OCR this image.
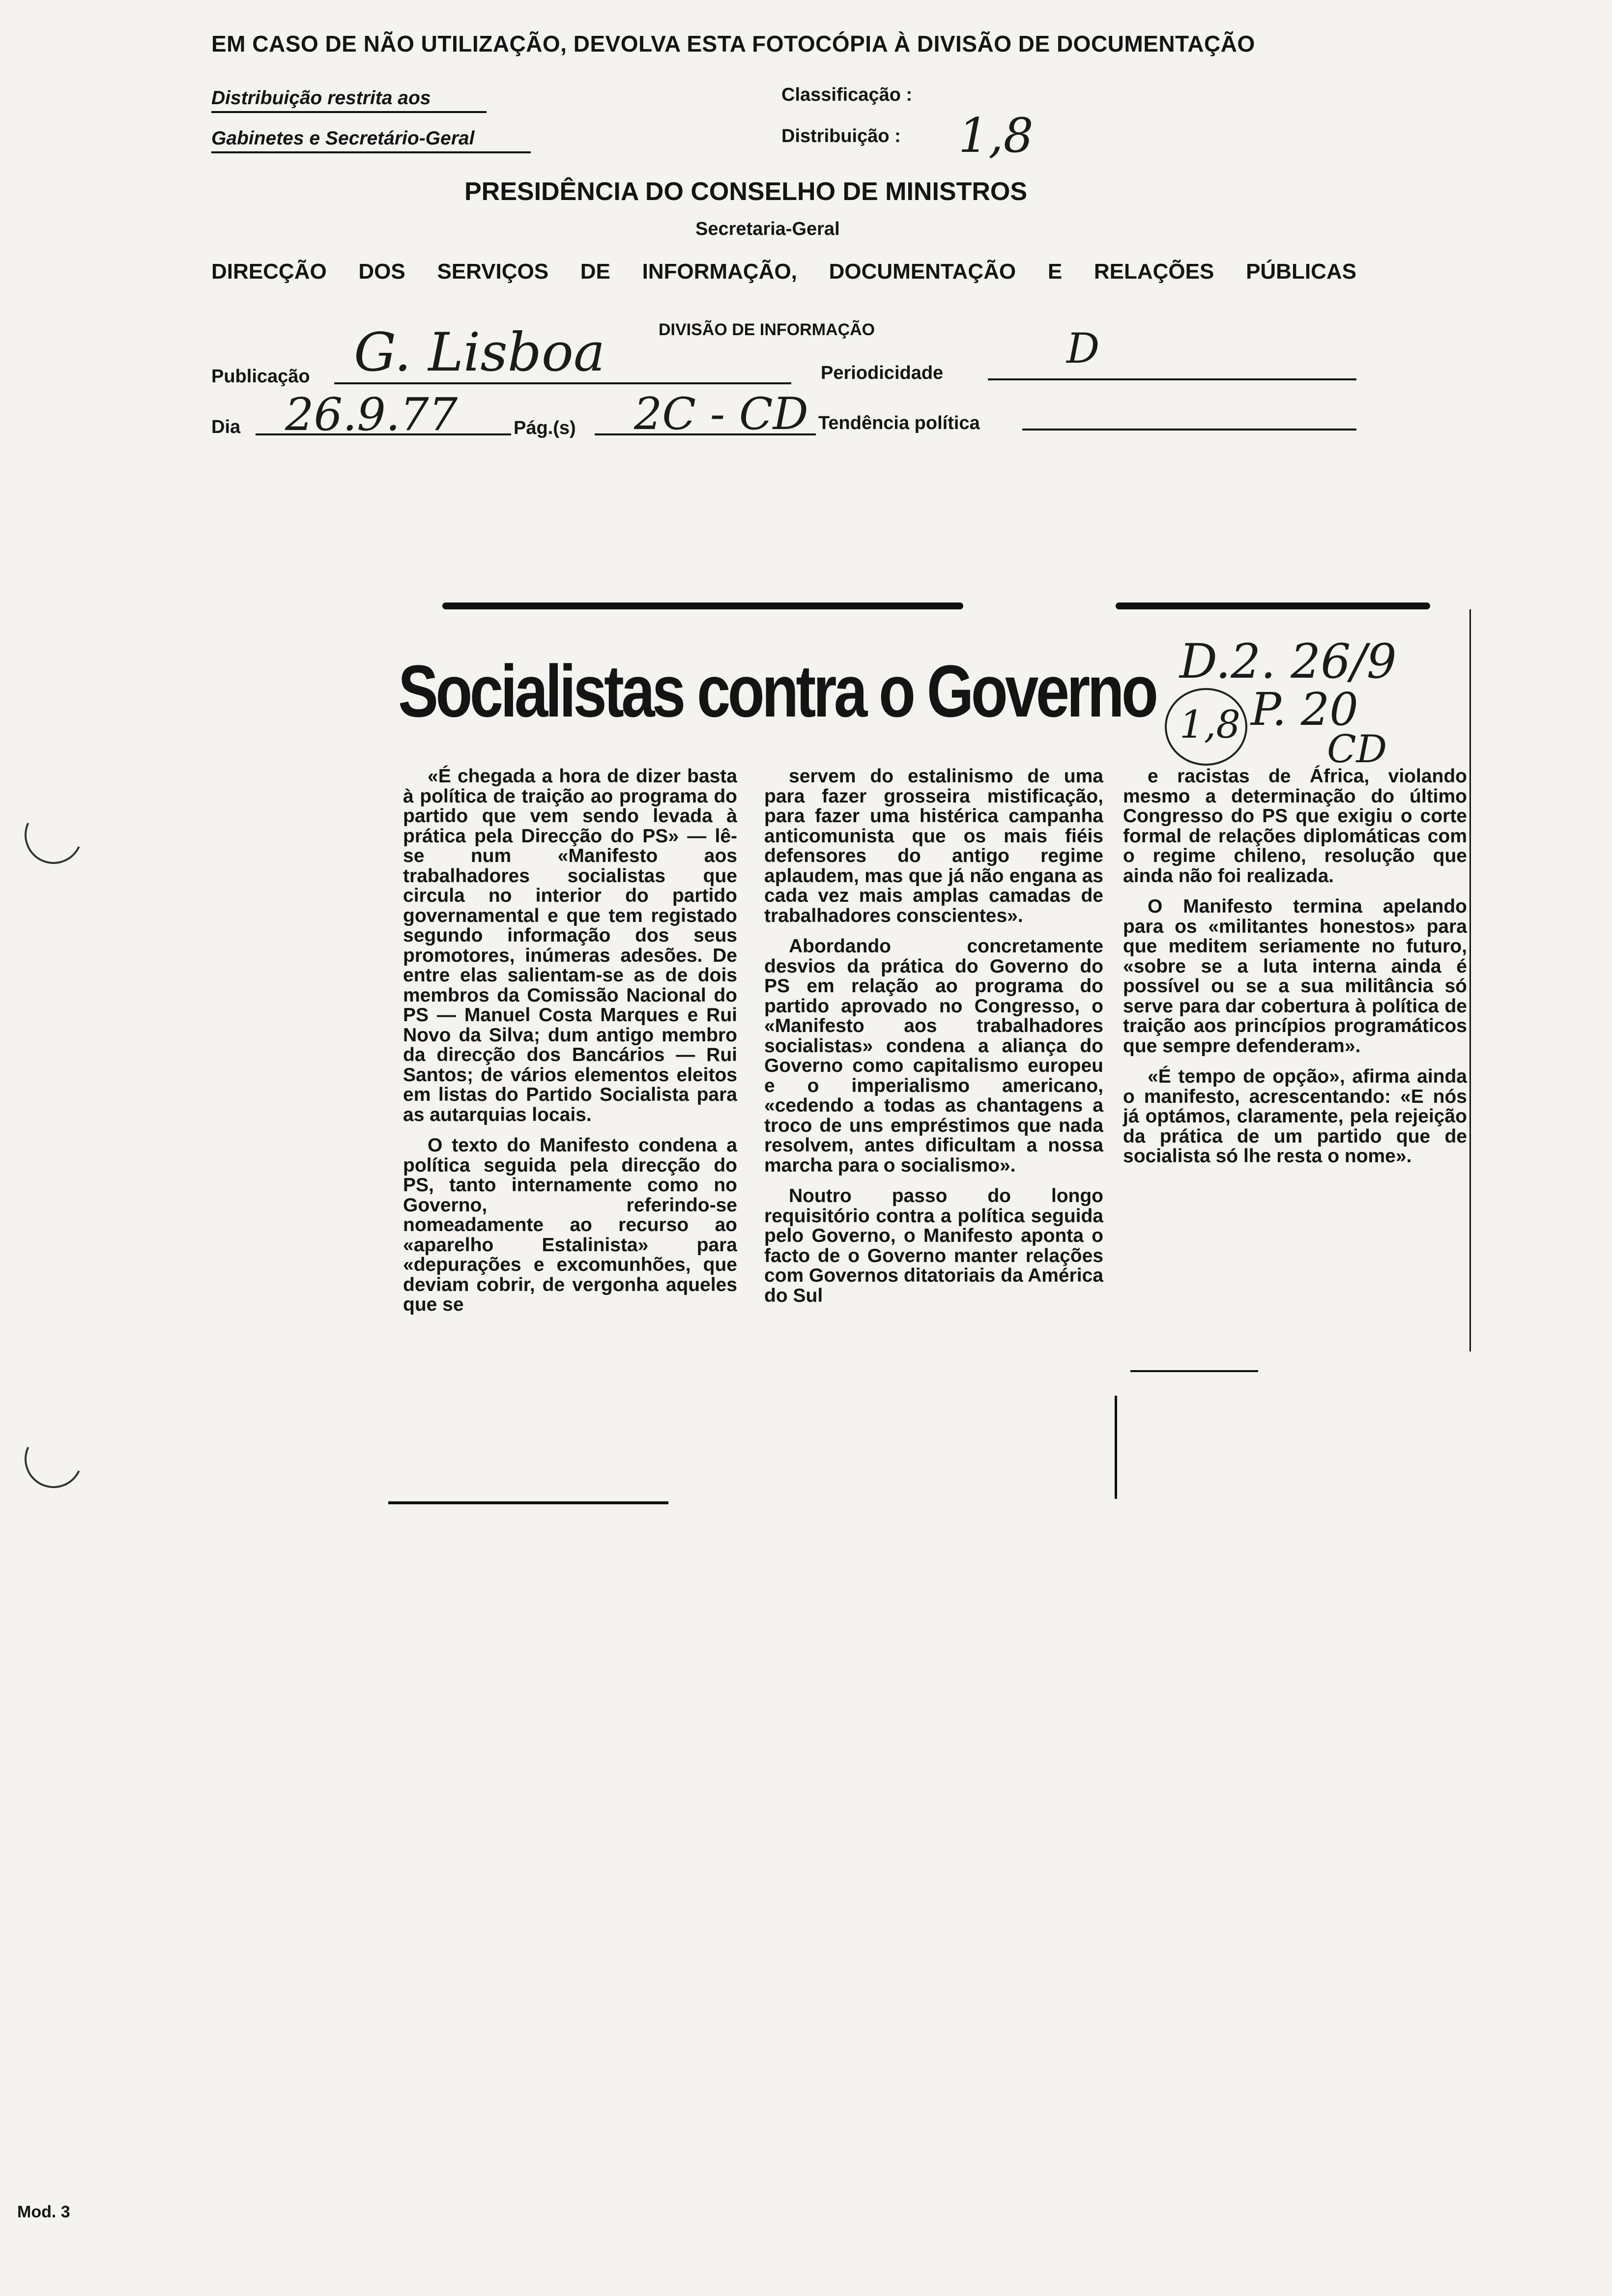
EM CASO DE NÃO UTILIZAÇÃO, DEVOLVA ESTA FOTOCÓPIA À DIVISÃO DE DOCUMENTAÇÃO
Distribuição restrita aos
Gabinetes e Secretário-Geral
Classificação :
Distribuição : 1,8
PRESIDÊNCIA DO CONSELHO DE MINISTROS
Secretaria-Geral
DIRECÇÃO DOS SERVIÇOS DE INFORMAÇÃO, DOCUMENTAÇÃO E RELAÇÕES PÚBLICAS
DIVISÃO DE INFORMAÇÃO
Publicação G. Lisboa	Periodicidade
D
Dia 26.9.77	Pág.(s) 2C - CD Tendência política
Socialistas contra o Governo D.2. 26/9
P. 20
CD
1,8

«É chegada a hora de dizer basta à política de traição ao programa do partido que vem sendo levada à prática pela Direcção do PS» — lê-se num «Manifesto aos trabalhadores socialistas que circula no interior do partido governamental e que tem registado segundo informação dos seus promotores, inúmeras adesões. De entre elas salientam-se as de dois membros da Comissão Nacional do PS — Manuel Costa Marques e Rui Novo da Silva; dum antigo membro da direcção dos Bancários — Rui Santos; de vários elementos eleitos em listas do Partido Socialista para as autarquias locais.

O texto do Manifesto condena a política seguida pela direcção do PS, tanto internamente como no Governo, referindo-se nomeadamente ao recurso ao «aparelho Estalinista» para «depurações e excomunhões, que deviam cobrir, de vergonha aqueles que se

servem do estalinismo de uma para fazer grosseira mistificação, para fazer uma histérica campanha anticomunista que os mais fiéis defensores do antigo regime aplaudem, mas que já não engana as cada vez mais amplas camadas de trabalhadores conscientes».

Abordando concretamente desvios da prática do Governo do PS em relação ao programa do partido aprovado no Congresso, o «Manifesto aos trabalhadores socialistas» condena a aliança do Governo como capitalismo europeu e o imperialismo americano, «cedendo a todas as chantagens a troco de uns empréstimos que nada resolvem, antes dificultam a nossa marcha para o socialismo».

Noutro passo do longo requisitório contra a política seguida pelo Governo, o Manifesto aponta o facto de o Governo manter relações com Governos ditatoriais da América do Sul

e racistas de África, violando mesmo a determinação do último Congresso do PS que exigiu o corte formal de relações diplomáticas com o regime chileno, resolução que ainda não foi realizada.

O Manifesto termina apelando para os «militantes honestos» para que meditem seriamente no futuro, «sobre se a luta interna ainda é possível ou se a sua militância só serve para dar cobertura à política de traição aos princípios programáticos que sempre defenderam».

«É tempo de opção», afirma ainda o manifesto, acrescentando: «E nós já optámos, claramente, pela rejeição da prática de um partido que de socialista só lhe resta o nome».

Mod. 3
